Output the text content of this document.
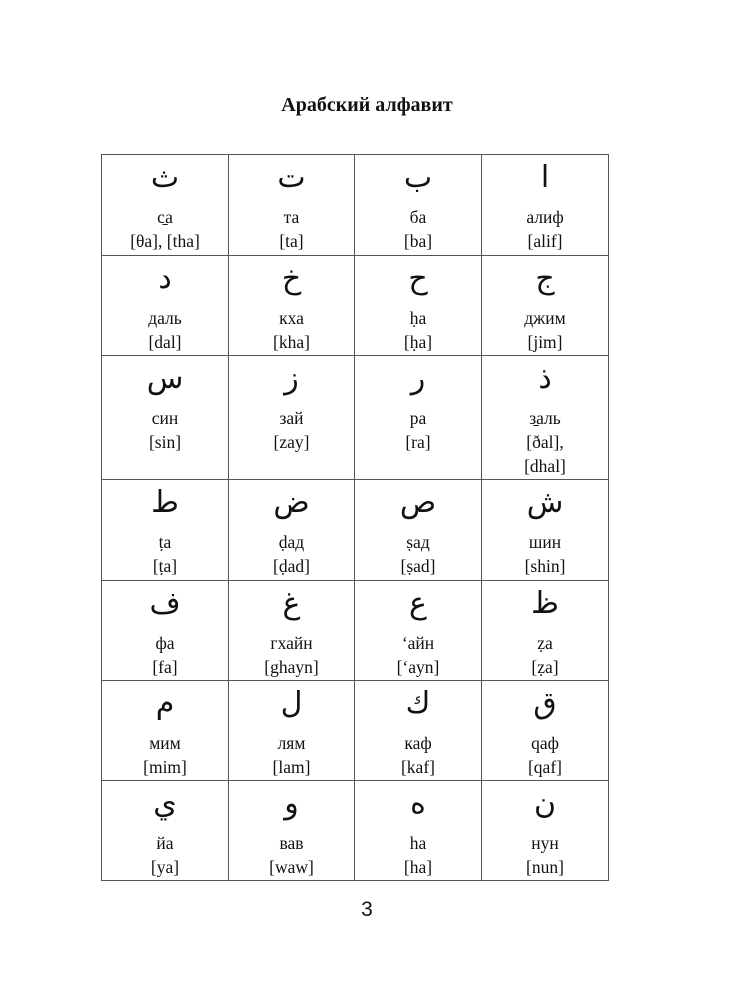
Арабский алфавит
ث
с̱а
[θa], [tha]	ت
та
[ta]	ب
ба
[ba]	ا
алиф
[alif]

د
даль
[dal]	خ
кха
[kha]	ح
ḥа
[ḥa]	ج
джим
[jim]

س
син
[sin]	ز
зай
[zay]	ر
ра
[ra]	ذ
з̱аль
[ðal],
[dhal]

ط
ṭа
[ṭa]	ض
ḍад
[ḍad]	ص
ṣад
[ṣad]	ش
шин
[shin]

ف
фа
[fa]	غ
гхайн
[ghayn]	ع
‘айн
[‘ayn]	ظ
ẓа
[ẓa]

م
мим
[mim]	ل
лям
[lam]	ك
каф
[kaf]	ق
qаф
[qaf]

ي
йа
[ya]	و
вав
[waw]	ه
ha
[ha]	ن
нун
[nun]
3
